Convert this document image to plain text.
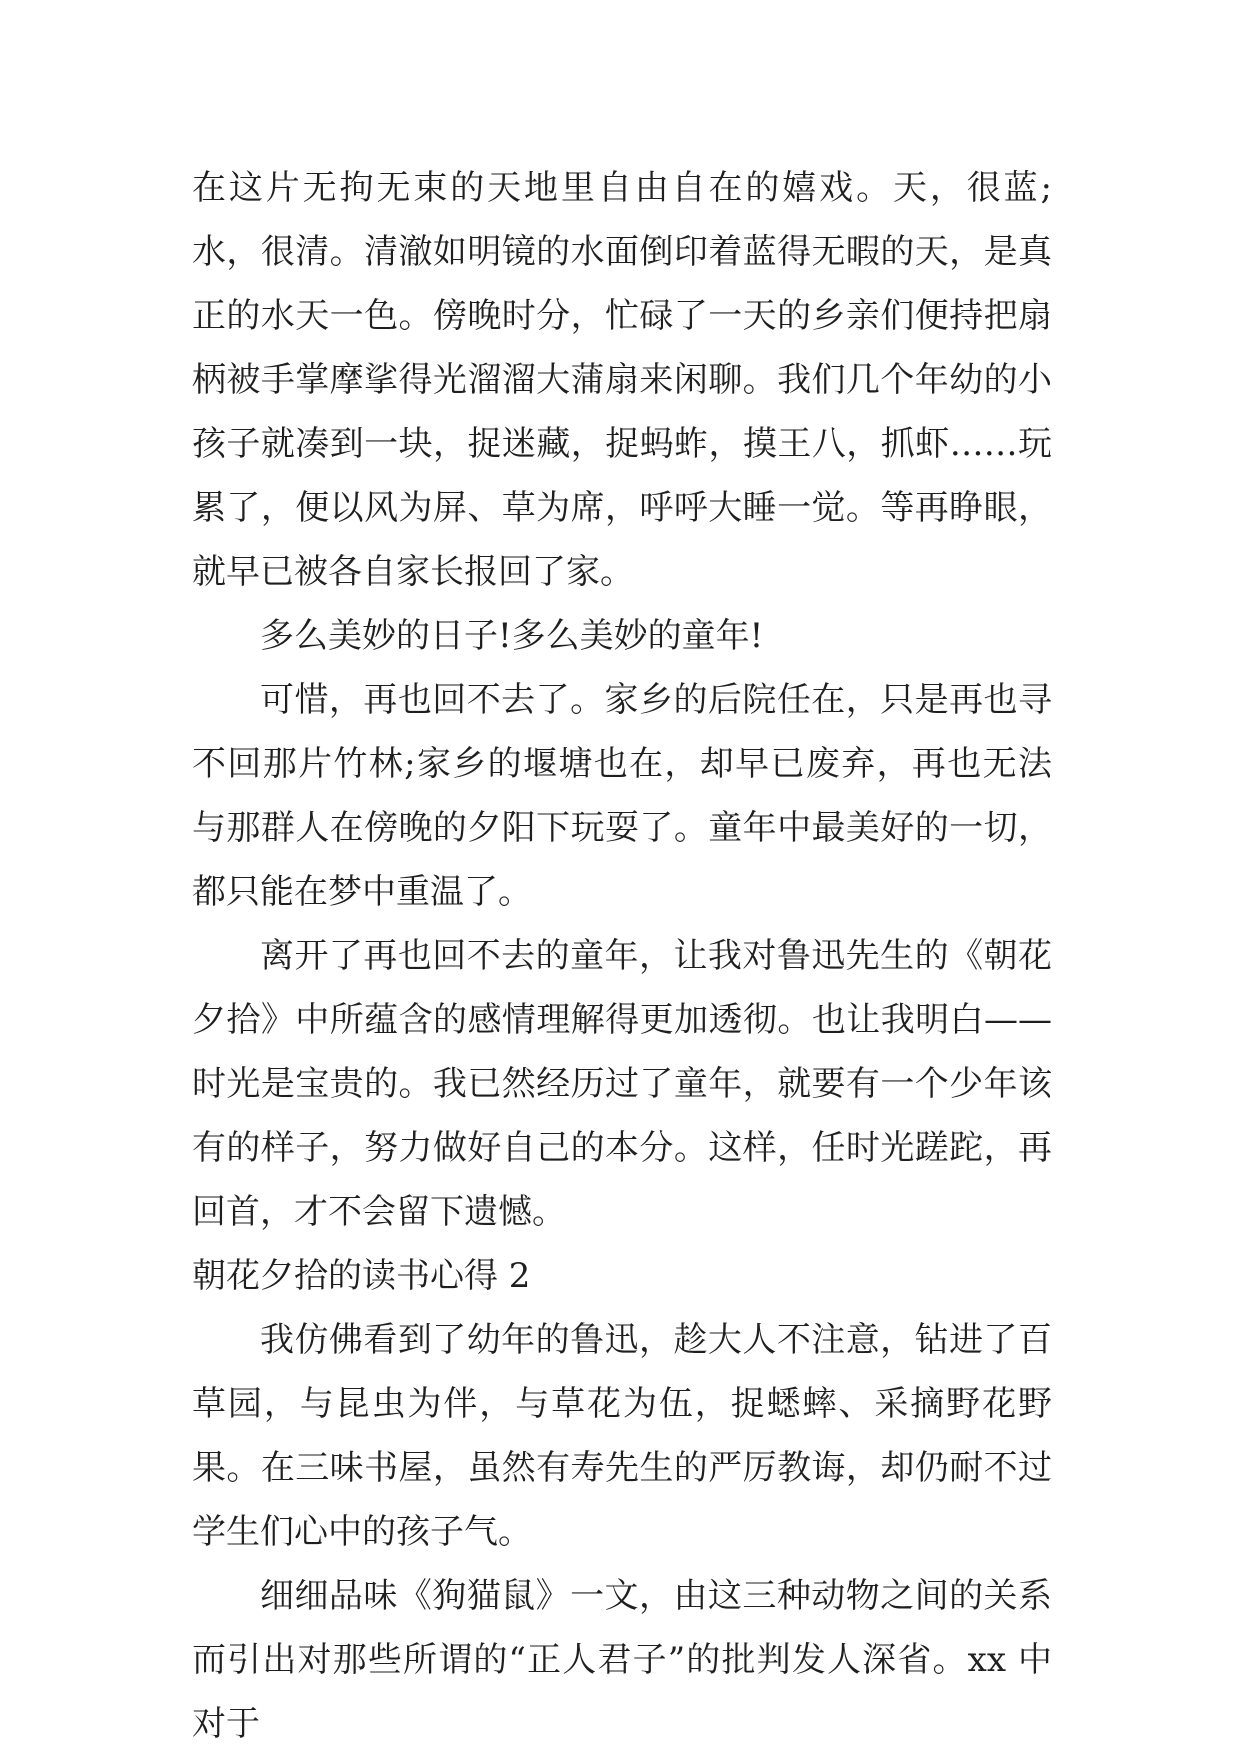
在这片无拘无束的天地里自由自在的嬉戏。天，很蓝;水，很清。清澈如明镜的水面倒印着蓝得无暇的天，是真正的水天一色。傍晚时分，忙碌了一天的乡亲们便持把扇柄被手掌摩挲得光溜溜大蒲扇来闲聊。我们几个年幼的小孩子就凑到一块，捉迷藏，捉蚂蚱，摸王八，抓虾……玩累了，便以风为屏、草为席，呼呼大睡一觉。等再睁眼，就早已被各自家长报回了家。

多么美妙的日子!多么美妙的童年!

可惜，再也回不去了。家乡的后院任在，只是再也寻不回那片竹林;家乡的堰塘也在，却早已废弃，再也无法与那群人在傍晚的夕阳下玩耍了。童年中最美好的一切，都只能在梦中重温了。

离开了再也回不去的童年，让我对鲁迅先生的《朝花夕拾》中所蕴含的感情理解得更加透彻。也让我明白——时光是宝贵的。我已然经历过了童年，就要有一个少年该有的样子，努力做好自己的本分。这样，任时光蹉跎，再回首，才不会留下遗憾。

朝花夕拾的读书心得 2

我仿佛看到了幼年的鲁迅，趁大人不注意，钻进了百草园，与昆虫为伴，与草花为伍，捉蟋蟀、采摘野花野果。在三味书屋，虽然有寿先生的严厉教诲，却仍耐不过学生们心中的孩子气。

细细品味《狗猫鼠》一文，由这三种动物之间的关系而引出对那些所谓的“正人君子”的批判发人深省。xx 中对于
